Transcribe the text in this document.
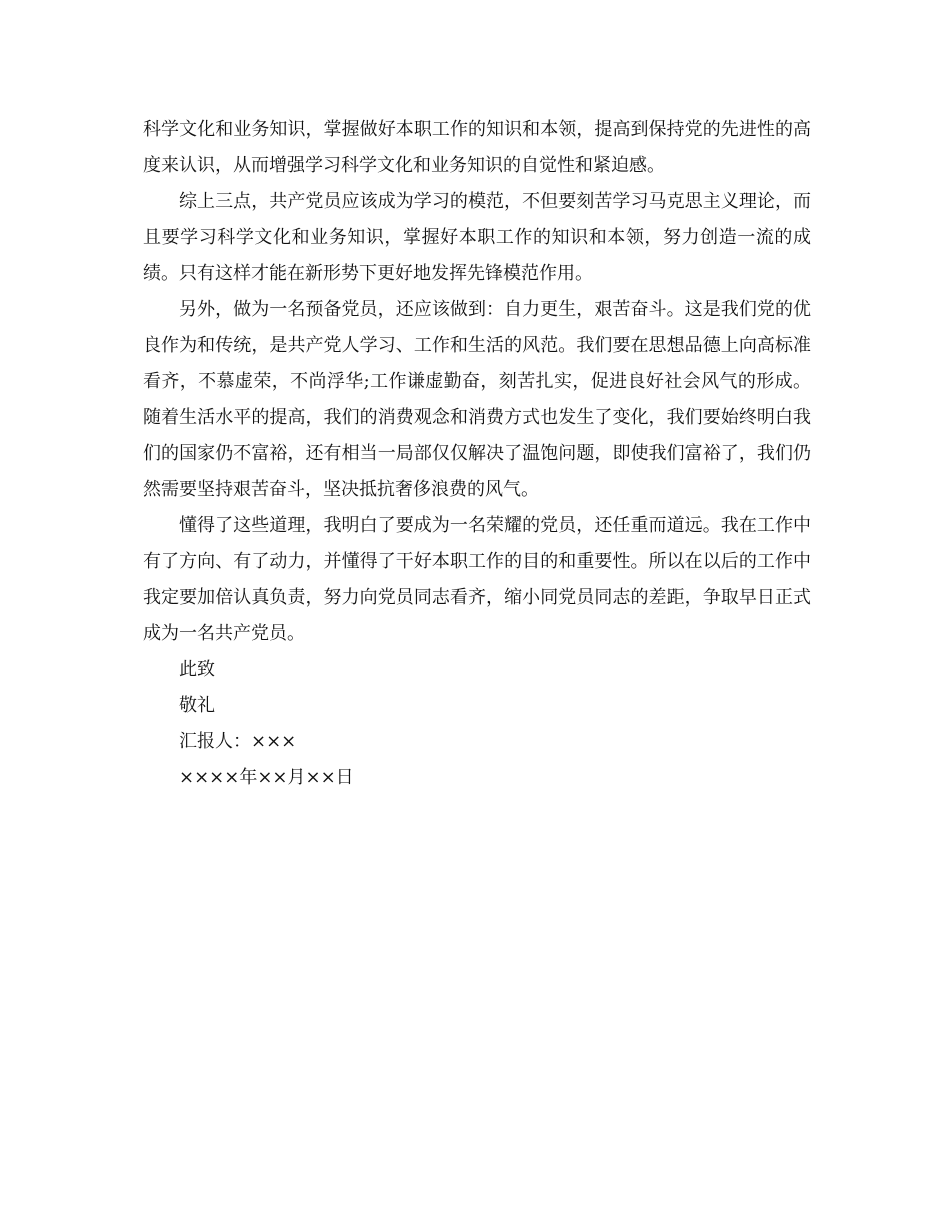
科学文化和业务知识，掌握做好本职工作的知识和本领，提高到保持党的先进性的高度来认识，从而增强学习科学文化和业务知识的自觉性和紧迫感。

综上三点，共产党员应该成为学习的模范，不但要刻苦学习马克思主义理论，而且要学习科学文化和业务知识，掌握好本职工作的知识和本领，努力创造一流的成绩。只有这样才能在新形势下更好地发挥先锋模范作用。

另外，做为一名预备党员，还应该做到：自力更生，艰苦奋斗。这是我们党的优良作为和传统，是共产党人学习、工作和生活的风范。我们要在思想品德上向高标准看齐，不慕虚荣，不尚浮华;工作谦虚勤奋，刻苦扎实，促进良好社会风气的形成。随着生活水平的提高，我们的消费观念和消费方式也发生了变化，我们要始终明白我们的国家仍不富裕，还有相当一局部仅仅解决了温饱问题，即使我们富裕了，我们仍然需要坚持艰苦奋斗，坚决抵抗奢侈浪费的风气。

懂得了这些道理，我明白了要成为一名荣耀的党员，还任重而道远。我在工作中有了方向、有了动力，并懂得了干好本职工作的目的和重要性。所以在以后的工作中我定要加倍认真负责，努力向党员同志看齐，缩小同党员同志的差距，争取早日正式成为一名共产党员。

此致

敬礼

汇报人：×××

××××年××月××日
